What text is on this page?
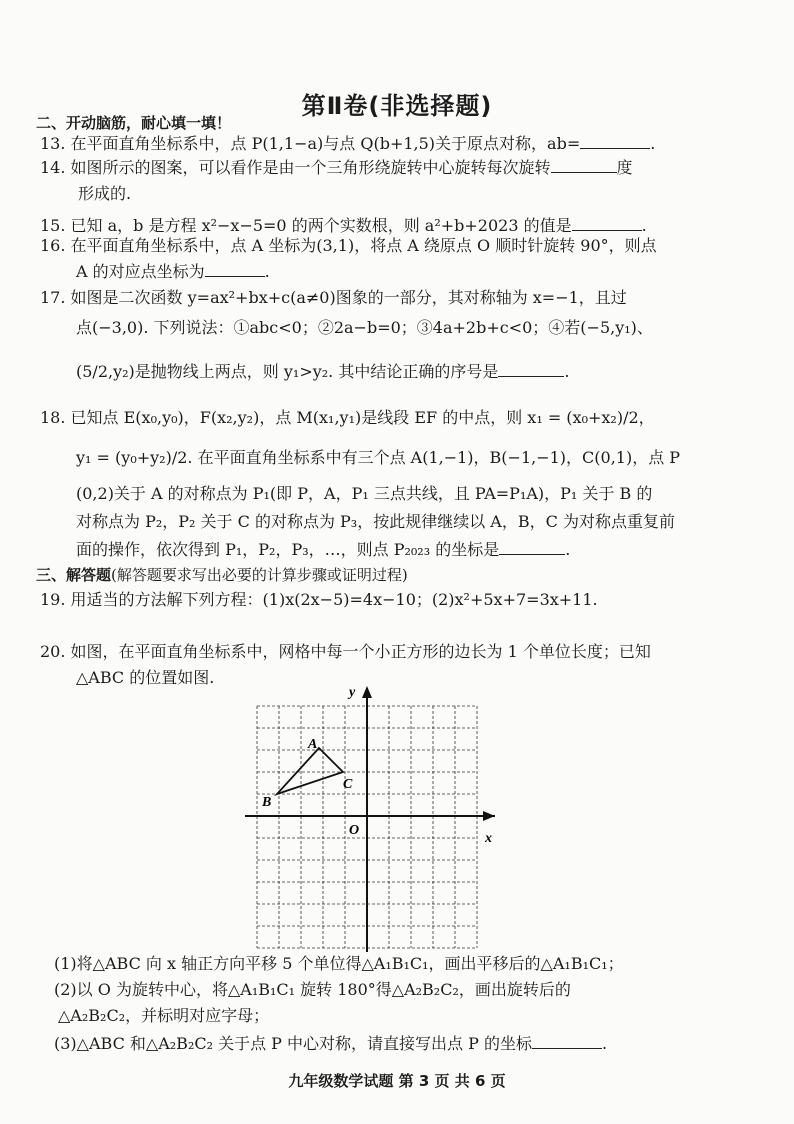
第Ⅱ卷(非选择题)
二、开动脑筋，耐心填一填！
13. 在平面直角坐标系中，点 P(1,1−a)与点 Q(b+1,5)关于原点对称，ab=	.
14. 如图所示的图案，可以看作是由一个三角形绕旋转中心旋转每次旋转	度
形成的.
15. 已知 a，b 是方程 x²−x−5=0 的两个实数根，则 a²+b+2023 的值是	.
16. 在平面直角坐标系中，点 A 坐标为(3,1)，将点 A 绕原点 O 顺时针旋转 90°，则点
A 的对应点坐标为	.
17. 如图是二次函数 y=ax²+bx+c(a≠0)图象的一部分，其对称轴为 x=−1，且过
点(−3,0). 下列说法：①abc<0；②2a−b=0；③4a+2b+c<0；④若(−5,y₁)、
(5/2,y₂)是抛物线上两点，则 y₁>y₂. 其中结论正确的序号是	.
18. 已知点 E(x₀,y₀)，F(x₂,y₂)，点 M(x₁,y₁)是线段 EF 的中点，则 x₁ = (x₀+x₂)/2，
y₁ = (y₀+y₂)/2. 在平面直角坐标系中有三个点 A(1,−1)，B(−1,−1)，C(0,1)，点 P
(0,2)关于 A 的对称点为 P₁(即 P，A，P₁ 三点共线，且 PA=P₁A)，P₁ 关于 B 的
对称点为 P₂，P₂ 关于 C 的对称点为 P₃，按此规律继续以 A，B，C 为对称点重复前
面的操作，依次得到 P₁，P₂，P₃，…，则点 P₂₀₂₃ 的坐标是	.
三、解答题(解答题要求写出必要的计算步骤或证明过程)
19. 用适当的方法解下列方程：(1)x(2x−5)=4x−10；(2)x²+5x+7=3x+11.
20. 如图，在平面直角坐标系中，网格中每一个小正方形的边长为 1 个单位长度；已知
△ABC 的位置如图.
y
x
O
A
B
C
(1)将△ABC 向 x 轴正方向平移 5 个单位得△A₁B₁C₁，画出平移后的△A₁B₁C₁；
(2)以 O 为旋转中心，将△A₁B₁C₁ 旋转 180°得△A₂B₂C₂，画出旋转后的
△A₂B₂C₂，并标明对应字母；
(3)△ABC 和△A₂B₂C₂ 关于点 P 中心对称，请直接写出点 P 的坐标	.
九年级数学试题 第 3 页 共 6 页
